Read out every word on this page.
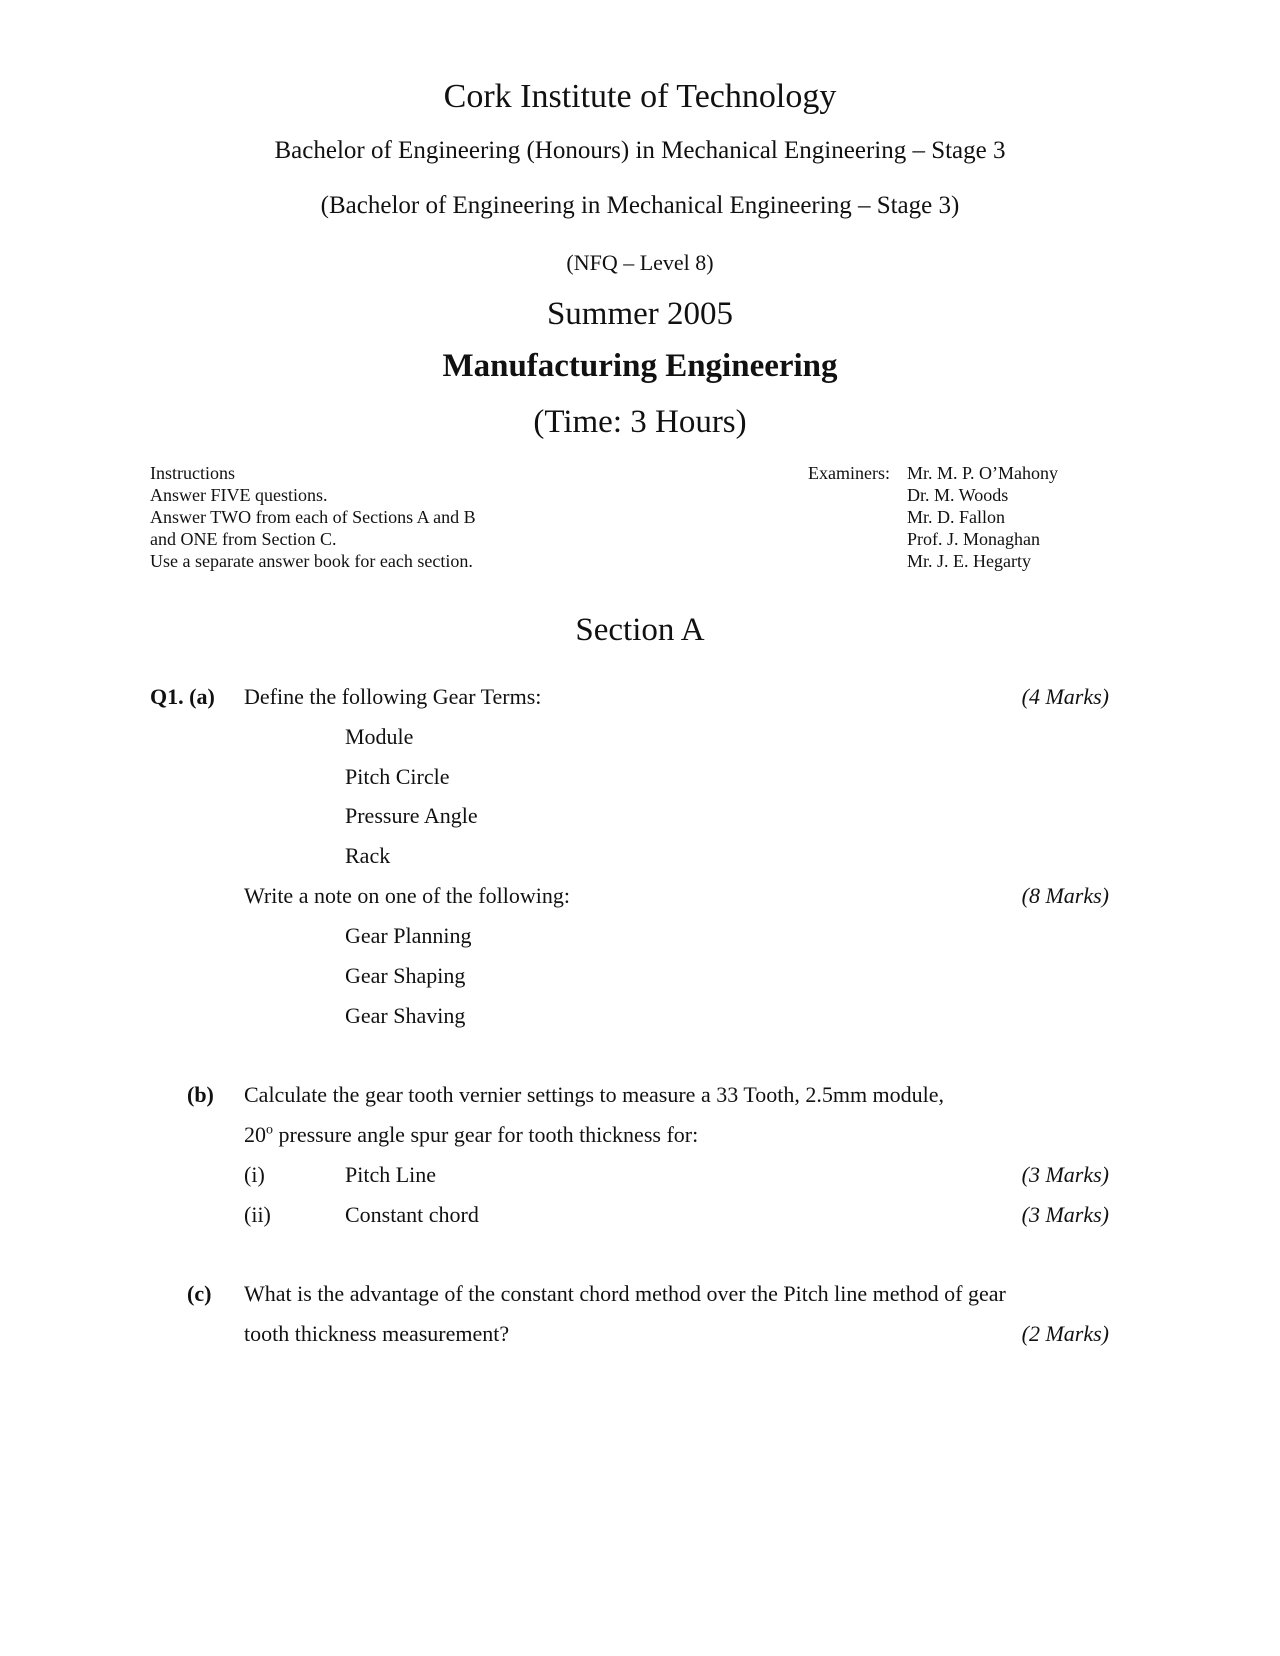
Cork Institute of Technology
Bachelor of Engineering (Honours) in Mechanical Engineering – Stage 3
(Bachelor of Engineering in Mechanical Engineering – Stage 3)
(NFQ – Level 8)
Summer 2005
Manufacturing Engineering
(Time: 3 Hours)
Instructions
Answer FIVE questions.
Answer TWO from each of Sections A and B
and ONE from Section C.
Use a separate answer book for each section.
Examiners: Mr. M. P. O’Mahony
Dr. M. Woods
Mr. D. Fallon
Prof. J. Monaghan
Mr. J. E. Hegarty
Section A
Q1. (a) Define the following Gear Terms:	(4 Marks)
Module
Pitch Circle
Pressure Angle
Rack
Write a note on one of the following:	(8 Marks)
Gear Planning
Gear Shaping
Gear Shaving
(b) Calculate the gear tooth vernier settings to measure a 33 Tooth, 2.5mm module,
20$^o$ pressure angle spur gear for tooth thickness for:
(i)	Pitch Line	(3 Marks)
(ii)	Constant chord	(3 Marks)
(c) What is the advantage of the constant chord method over the Pitch line method of gear
tooth thickness measurement?	(2 Marks)
